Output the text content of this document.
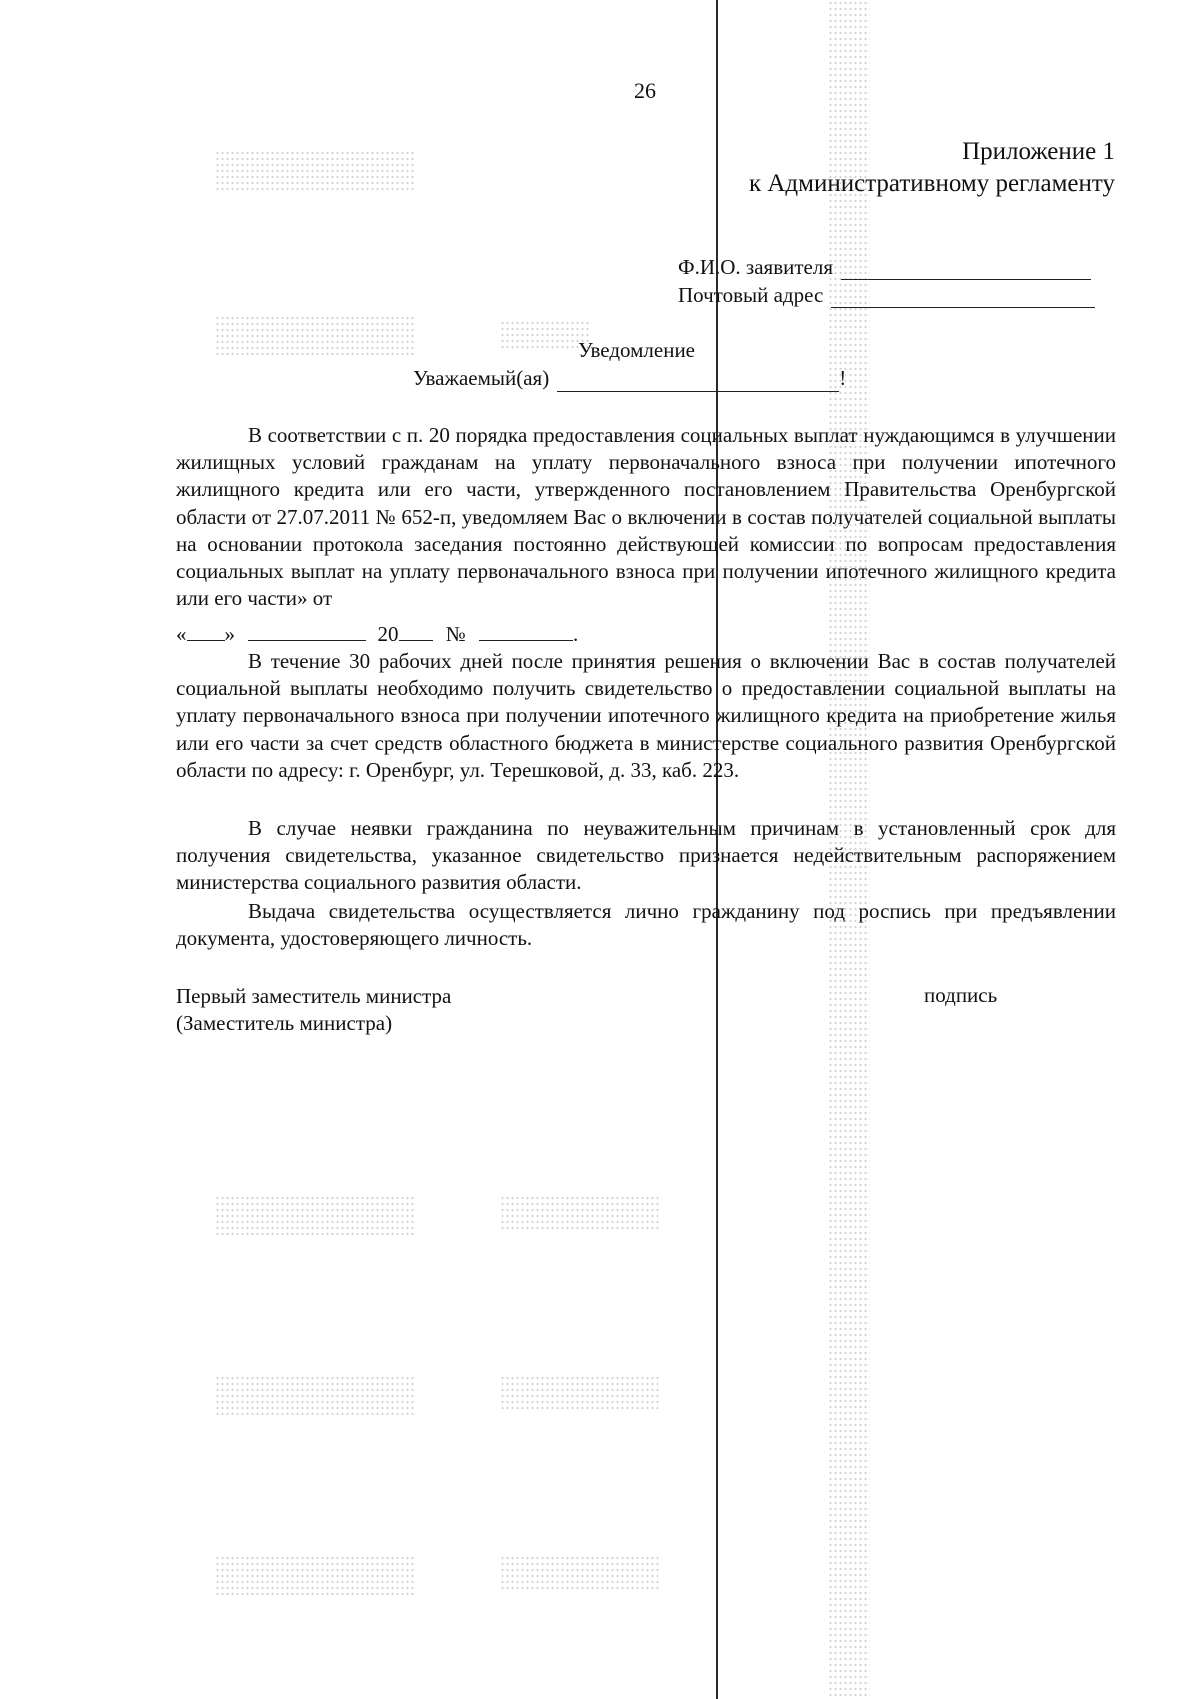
26
Приложение 1
к Административному регламенту
Ф.И.О. заявителя
Почтовый адрес
Уведомление
Уважаемый(ая)	!

В соответствии с п. 20 порядка предоставления социальных выплат нуждающимся в улучшении жилищных условий гражданам на уплату первоначального взноса при получении ипотечного жилищного кредита или его части, утвержденного постановлением Правительства Оренбургской области от 27.07.2011 № 652-п, уведомляем Вас о включении в состав получателей социальной выплаты на основании протокола заседания постоянно действующей комиссии по вопросам предоставления социальных выплат на уплату первоначального взноса при получении ипотечного жилищного кредита или его части» от

« »	20 №	.

В течение 30 рабочих дней после принятия решения о включении Вас в состав получателей социальной выплаты необходимо получить свидетельство о предоставлении социальной выплаты на уплату первоначального взноса при получении ипотечного жилищного кредита на приобретение жилья или его части за счет средств областного бюджета в министерстве социального развития Оренбургской области по адресу: г. Оренбург, ул. Терешковой, д. 33, каб. 223.

В случае неявки гражданина по неуважительным причинам в установленный срок для получения свидетельства, указанное свидетельство признается недействительным распоряжением министерства социального развития области.

Выдача свидетельства осуществляется лично гражданину под роспись при предъявлении документа, удостоверяющего личность.

Первый заместитель министра
(Заместитель министра)
подпись
